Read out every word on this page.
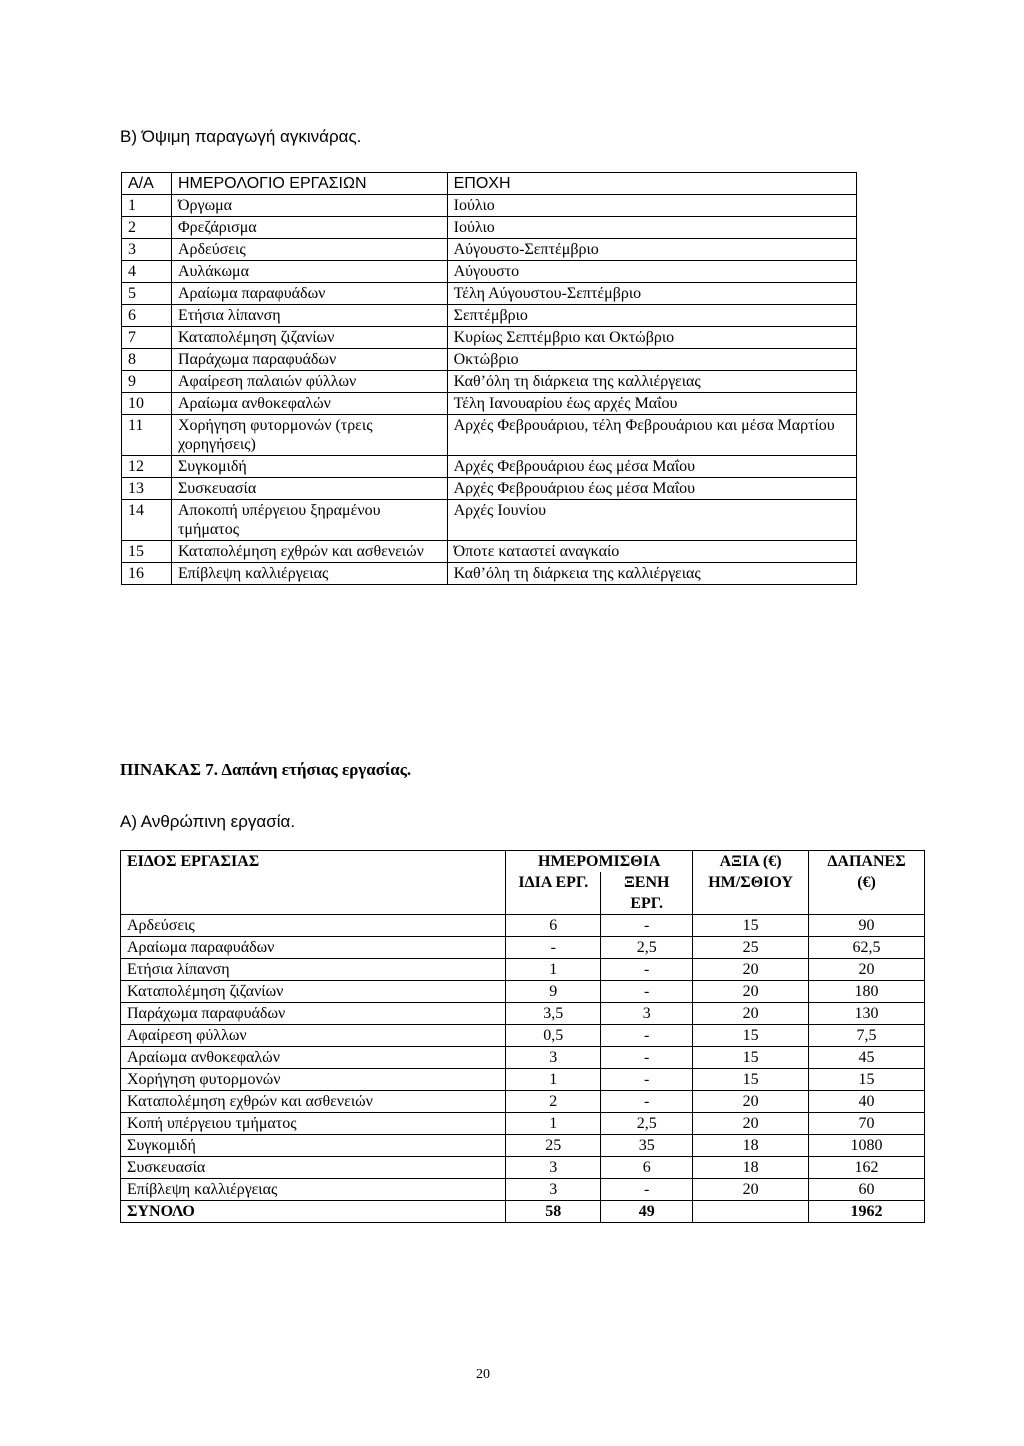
Β) Όψιμη παραγωγή αγκινάρας.
Α/Α	ΗΜΕΡΟΛΟΓΙΟ ΕΡΓΑΣΙΩΝ	ΕΠΟΧΗ
1	Όργωμα	Ιούλιο
2	Φρεζάρισμα	Ιούλιο
3	Αρδεύσεις	Αύγουστο-Σεπτέμβριο
4	Αυλάκωμα	Αύγουστο
5	Αραίωμα παραφυάδων	Τέλη Αύγουστου-Σεπτέμβριο
6	Ετήσια λίπανση	Σεπτέμβριο
7	Καταπολέμηση ζιζανίων	Κυρίως Σεπτέμβριο και Οκτώβριο
8	Παράχωμα παραφυάδων	Οκτώβριο
9	Αφαίρεση παλαιών φύλλων	Καθ’όλη τη διάρκεια της καλλιέργειας
10	Αραίωμα ανθοκεφαλών	Τέλη Ιανουαρίου έως αρχές Μαΐου
11	Χορήγηση φυτορμονών (τρεις χορηγήσεις)	Αρχές Φεβρουάριου, τέλη Φεβρουάριου και μέσα Μαρτίου
12	Συγκομιδή	Αρχές Φεβρουάριου έως μέσα Μαΐου
13	Συσκευασία	Αρχές Φεβρουάριου έως μέσα Μαΐου
14	Αποκοπή υπέργειου ξηραμένου τμήματος	Αρχές Ιουνίου
15	Καταπολέμηση εχθρών και ασθενειών	Όποτε καταστεί αναγκαίο
16	Επίβλεψη καλλιέργειας	Καθ’όλη τη διάρκεια της καλλιέργειας
ΠΙΝΑΚΑΣ 7. Δαπάνη ετήσιας εργασίας.
Α) Ανθρώπινη εργασία.
ΕΙΔΟΣ ΕΡΓΑΣΙΑΣ	ΗΜΕΡΟΜΙΣΘΙΑ		ΑΞΙΑ (€)	ΔΑΠΑΝΕΣ
	ΙΔΙΑ ΕΡΓ.	ΞΕΝΗ ΕΡΓ.	ΗΜ/ΣΘΙΟΥ	(€)
Αρδεύσεις	6	-	15	90
Αραίωμα παραφυάδων	-	2,5	25	62,5
Ετήσια λίπανση	1	-	20	20
Καταπολέμηση ζιζανίων	9	-	20	180
Παράχωμα παραφυάδων	3,5	3	20	130
Αφαίρεση φύλλων	0,5	-	15	7,5
Αραίωμα ανθοκεφαλών	3	-	15	45
Χορήγηση φυτορμονών	1	-	15	15
Καταπολέμηση εχθρών και ασθενειών	2	-	20	40
Κοπή υπέργειου τμήματος	1	2,5	20	70
Συγκομιδή	25	35	18	1080
Συσκευασία	3	6	18	162
Επίβλεψη καλλιέργειας	3	-	20	60
ΣΥΝΟΛΟ	58	49		1962
20
